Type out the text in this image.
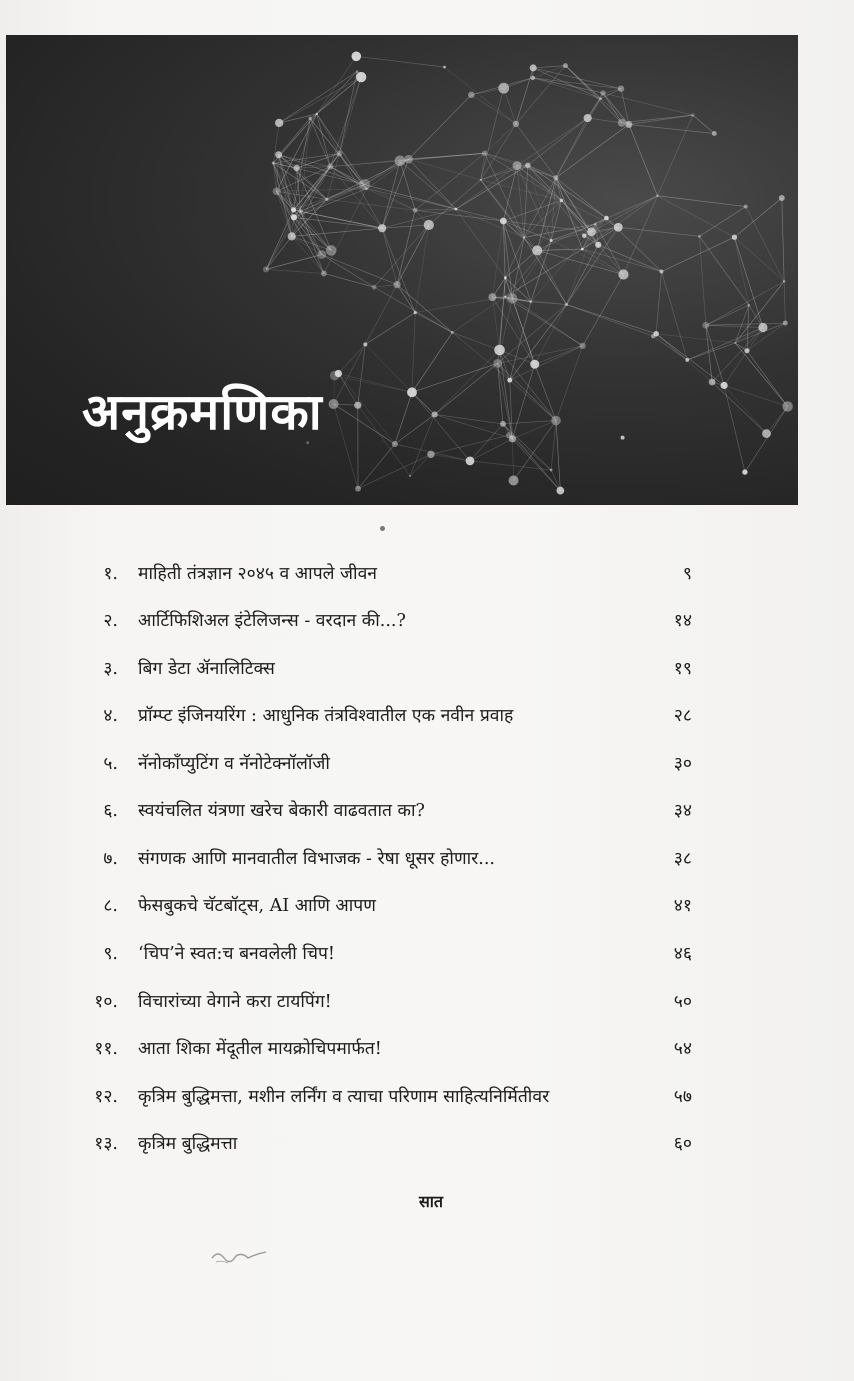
अनुक्रमणिका
१. माहिती तंत्रज्ञान २०४५ व आपले जीवन	९
२. आर्टिफिशिअल इंटेलिजन्स - वरदान की...?	१४
३. बिग डेटा ॲनालिटिक्स	१९
४. प्रॉम्प्ट इंजिनयरिंग : आधुनिक तंत्रविश्वातील एक नवीन प्रवाह	२८
५. नॅनोकाँप्युटिंग व नॅनोटेक्नॉलॉजी	३०
६. स्वयंचलित यंत्रणा खरेच बेकारी वाढवतात का?	३४
७. संगणक आणि मानवातील विभाजक - रेषा धूसर होणार...	३८
८. फेसबुकचे चॅटबॉट्स, AI आणि आपण	४१
९. ‘चिप’ने स्वत:च बनवलेली चिप!	४६
१०. विचारांच्या वेगाने करा टायपिंग!	५०
११. आता शिका मेंदूतील मायक्रोचिपमार्फत!	५४
१२. कृत्रिम बुद्धिमत्ता, मशीन लर्निंग व त्याचा परिणाम साहित्यनिर्मितीवर	५७
१३. कृत्रिम बुद्धिमत्ता	६०
सात
